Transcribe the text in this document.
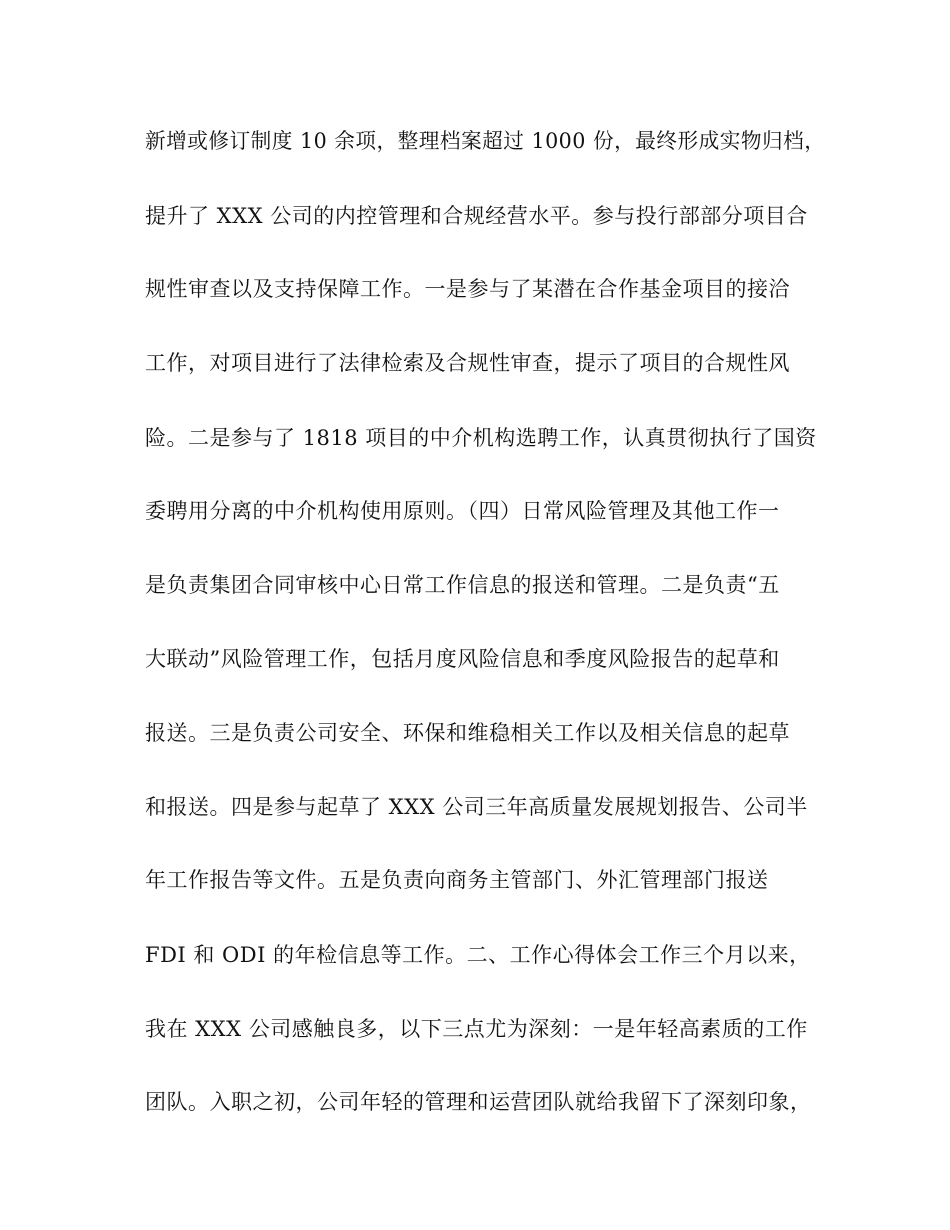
新增或修订制度 10 余项，整理档案超过 1000 份，最终形成实物归档，
提升了 XXX 公司的内控管理和合规经营水平。参与投行部部分项目合
规性审查以及支持保障工作。一是参与了某潜在合作基金项目的接洽
工作，对项目进行了法律检索及合规性审查，提示了项目的合规性风
险。二是参与了 1818 项目的中介机构选聘工作，认真贯彻执行了国资
委聘用分离的中介机构使用原则。（四）日常风险管理及其他工作一
是负责集团合同审核中心日常工作信息的报送和管理。二是负责“五
大联动”风险管理工作，包括月度风险信息和季度风险报告的起草和
报送。三是负责公司安全、环保和维稳相关工作以及相关信息的起草
和报送。四是参与起草了 XXX 公司三年高质量发展规划报告、公司半
年工作报告等文件。五是负责向商务主管部门、外汇管理部门报送
FDI 和 ODI 的年检信息等工作。二、工作心得体会工作三个月以来，
我在 XXX 公司感触良多，以下三点尤为深刻：一是年轻高素质的工作
团队。入职之初，公司年轻的管理和运营团队就给我留下了深刻印象，
